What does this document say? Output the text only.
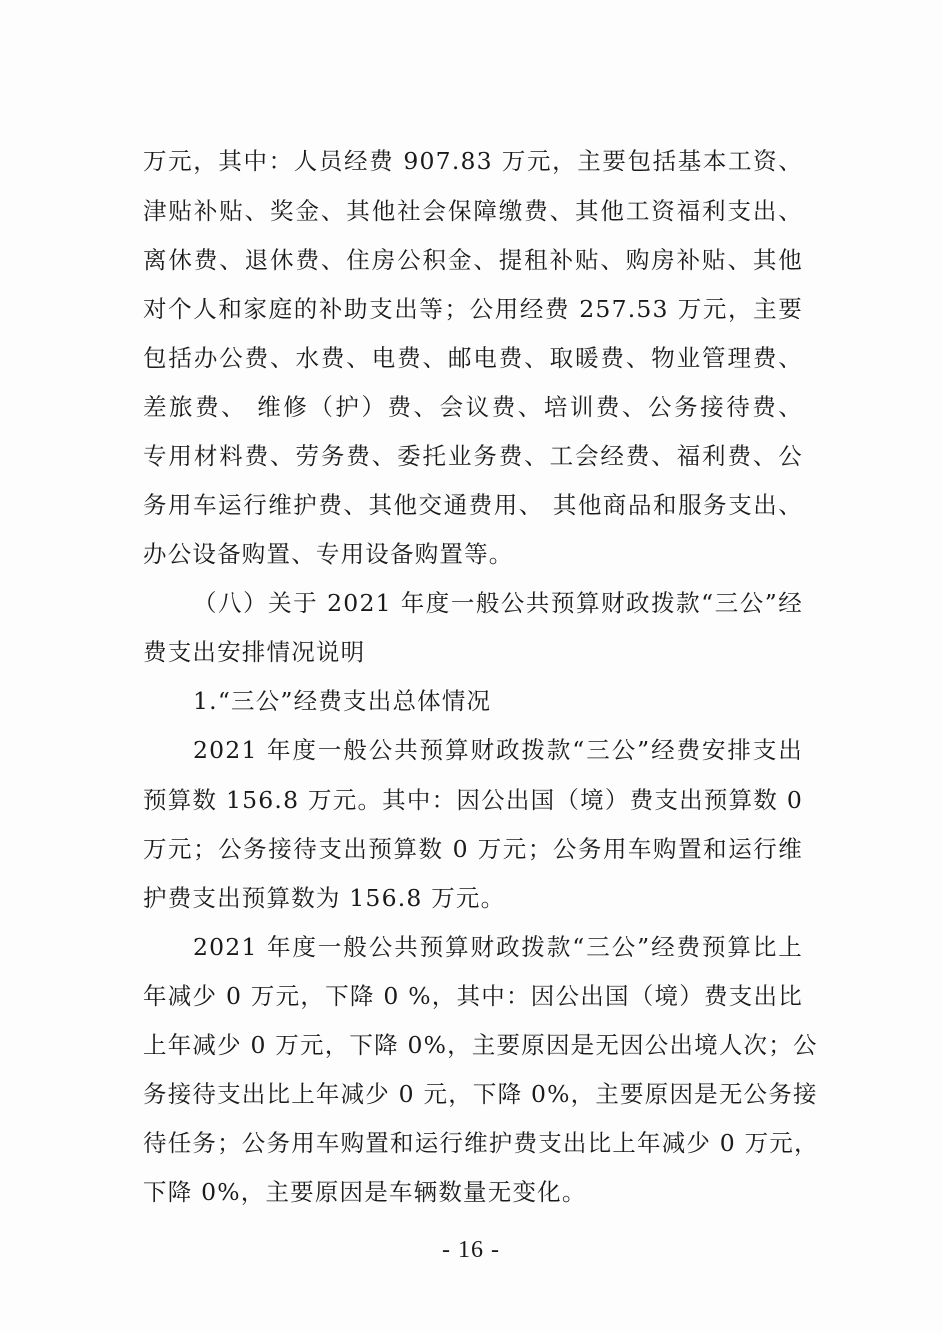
万元，其中：人员经费 907.83 万元，主要包括基本工资、
津贴补贴、奖金、其他社会保障缴费、其他工资福利支出、
离休费、退休费、住房公积金、提租补贴、购房补贴、其他
对个人和家庭的补助支出等；公用经费 257.53 万元，主要
包括办公费、水费、电费、邮电费、取暖费、物业管理费、
差旅费、 维修（护）费、会议费、培训费、公务接待费、
专用材料费、劳务费、委托业务费、工会经费、福利费、公
务用车运行维护费、其他交通费用、 其他商品和服务支出、
办公设备购置、专用设备购置等。
（八）关于 2021 年度一般公共预算财政拨款“三公”经
费支出安排情况说明
1.“三公”经费支出总体情况
2021 年度一般公共预算财政拨款“三公”经费安排支出
预算数 156.8 万元。其中：因公出国（境）费支出预算数 0
万元；公务接待支出预算数 0 万元；公务用车购置和运行维
护费支出预算数为 156.8 万元。
2021 年度一般公共预算财政拨款“三公”经费预算比上
年减少 0 万元，下降 0 %，其中：因公出国（境）费支出比
上年减少 0 万元，下降 0%，主要原因是无因公出境人次；公
务接待支出比上年减少 0 元，下降 0%，主要原因是无公务接
待任务；公务用车购置和运行维护费支出比上年减少 0 万元，
下降 0%，主要原因是车辆数量无变化。
- 16 -
